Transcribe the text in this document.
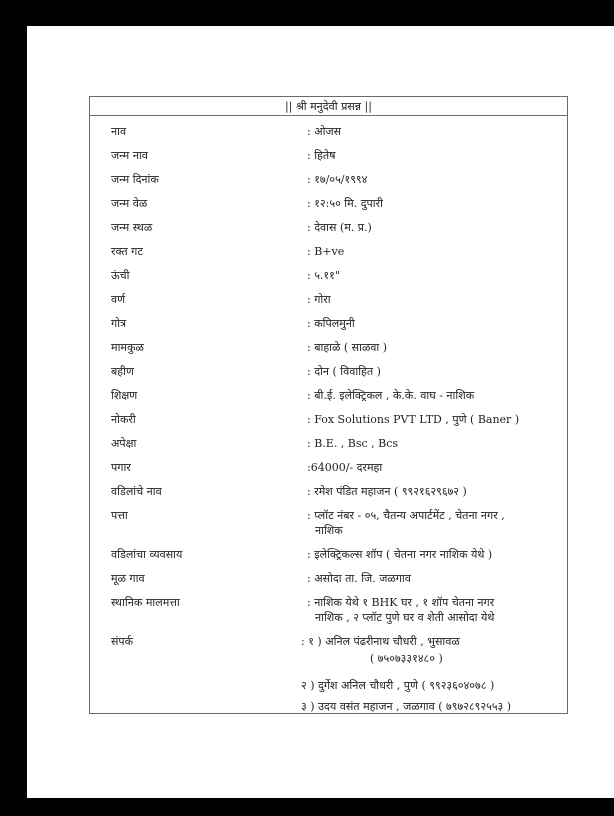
|| श्री मनुदेवी प्रसन्न ||
नाव	: ओजस
जन्म नाव	: हितेष
जन्म दिनांक	: १७/०५/१९९४
जन्म वेळ	: १२:५० मि. दुपारी
जन्म स्थळ	: देवास (म. प्र.)
रक्त गट	: B+ve
ऊंची	: ५.११"
वर्ण	: गोरा
गोत्र	: कपिलमुनी
मामकुळ	: बाहाळे ( साळवा )
बहीण	: दोन ( विवाहित )
शिक्षण	: बी.ई. इलेक्ट्रिकल , के.के. वाघ - नाशिक
नोकरी	: Fox Solutions PVT LTD , पुणे ( Baner )
अपेक्षा	: B.E. , Bsc , Bcs
पगार	:64000/- दरमहा
वडिलांचे नाव	: रमेश पंडित महाजन ( ९९२१६२९६७२ )
पत्ता	: प्लॉट नंबर - ०५, चैतन्य अपार्टमेंट , चेतना नगर ,
नाशिक
वडिलांचा व्यवसाय	: इलेक्ट्रिकल्स शॉप ( चेतना नगर नाशिक येथे )
मूळ गाव	: असोदा ता. जि. जळगाव
स्थानिक मालमत्ता	: नाशिक येथे १ BHK घर , १ शॉप चेतना नगर
नाशिक , २ प्लॉट पुणे घर व शेती आसोदा येथे
संपर्क	: १ ) अनिल पंढरीनाथ चौधरी , भुसावळ
( ७५०७३३१४८० )
२ ) दुर्गेश अनिल चौधरी , पुणे ( ९९२३६०४०७८ )
३ ) उदय वसंत महाजन , जळगाव ( ७९७२८९२५५३ )
